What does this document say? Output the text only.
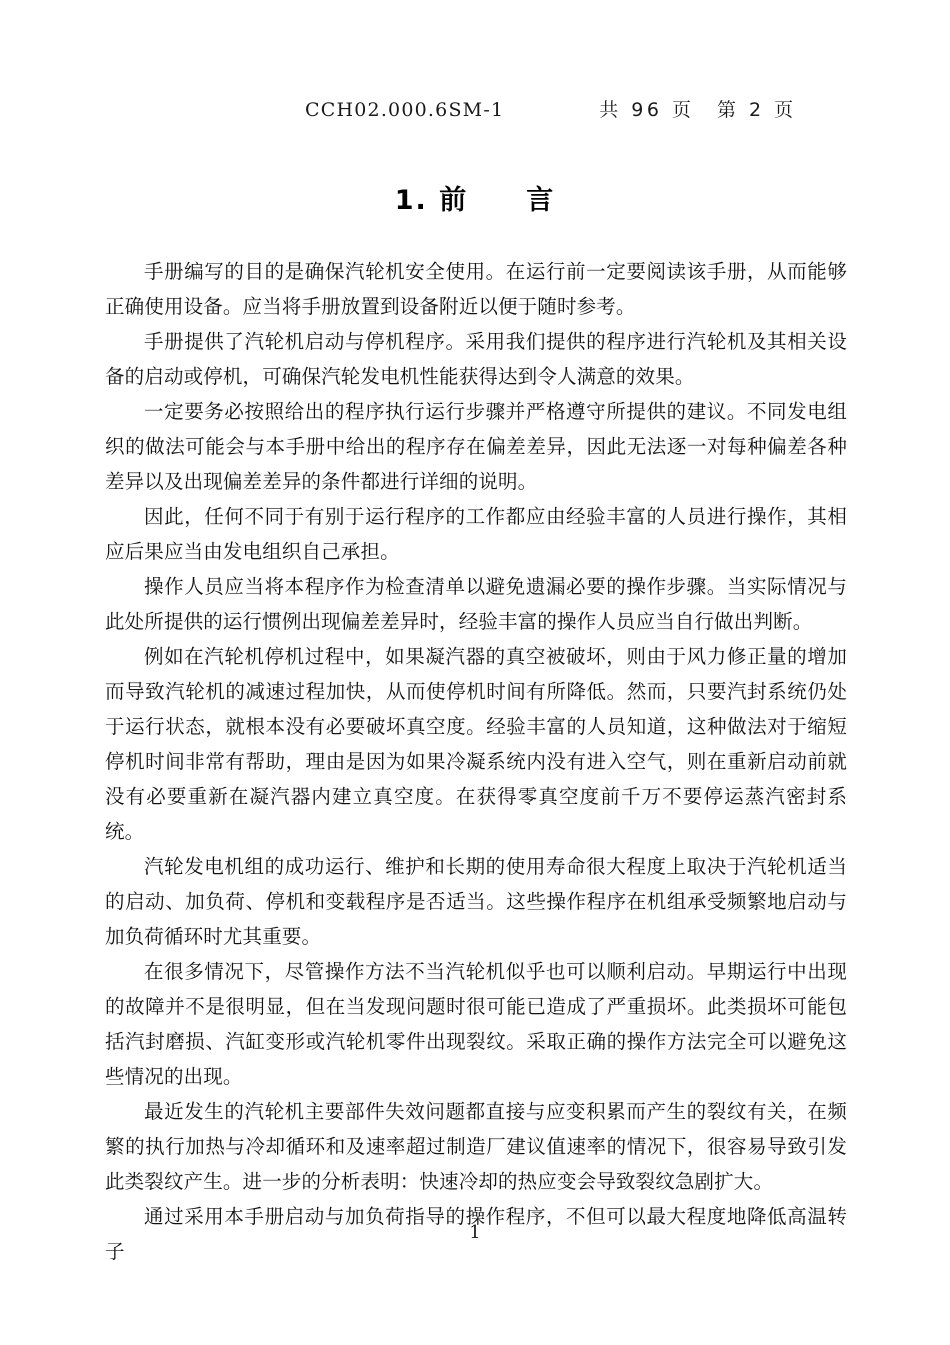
CCH02.000.6SM-1	共 96 页　第 2 页
1. 前　　言

手册编写的目的是确保汽轮机安全使用。在运行前一定要阅读该手册，从而能够正确使用设备。应当将手册放置到设备附近以便于随时参考。

手册提供了汽轮机启动与停机程序。采用我们提供的程序进行汽轮机及其相关设备的启动或停机，可确保汽轮发电机性能获得达到令人满意的效果。

一定要务必按照给出的程序执行运行步骤并严格遵守所提供的建议。不同发电组织的做法可能会与本手册中给出的程序存在偏差差异，因此无法逐一对每种偏差各种差异以及出现偏差差异的条件都进行详细的说明。

因此，任何不同于有别于运行程序的工作都应由经验丰富的人员进行操作，其相应后果应当由发电组织自己承担。

操作人员应当将本程序作为检查清单以避免遗漏必要的操作步骤。当实际情况与此处所提供的运行惯例出现偏差差异时，经验丰富的操作人员应当自行做出判断。

例如在汽轮机停机过程中，如果凝汽器的真空被破坏，则由于风力修正量的增加而导致汽轮机的减速过程加快，从而使停机时间有所降低。然而，只要汽封系统仍处于运行状态，就根本没有必要破坏真空度。经验丰富的人员知道，这种做法对于缩短停机时间非常有帮助，理由是因为如果冷凝系统内没有进入空气，则在重新启动前就没有必要重新在凝汽器内建立真空度。在获得零真空度前千万不要停运蒸汽密封系统。

汽轮发电机组的成功运行、维护和长期的使用寿命很大程度上取决于汽轮机适当的启动、加负荷、停机和变载程序是否适当。这些操作程序在机组承受频繁地启动与加负荷循环时尤其重要。

在很多情况下，尽管操作方法不当汽轮机似乎也可以顺利启动。早期运行中出现的故障并不是很明显，但在当发现问题时很可能已造成了严重损坏。此类损坏可能包括汽封磨损、汽缸变形或汽轮机零件出现裂纹。采取正确的操作方法完全可以避免这些情况的出现。

最近发生的汽轮机主要部件失效问题都直接与应变积累而产生的裂纹有关，在频繁的执行加热与冷却循环和及速率超过制造厂建议值速率的情况下，很容易导致引发此类裂纹产生。进一步的分析表明：快速冷却的热应变会导致裂纹急剧扩大。

通过采用本手册启动与加负荷指导的操作程序，不但可以最大程度地降低高温转子

1
